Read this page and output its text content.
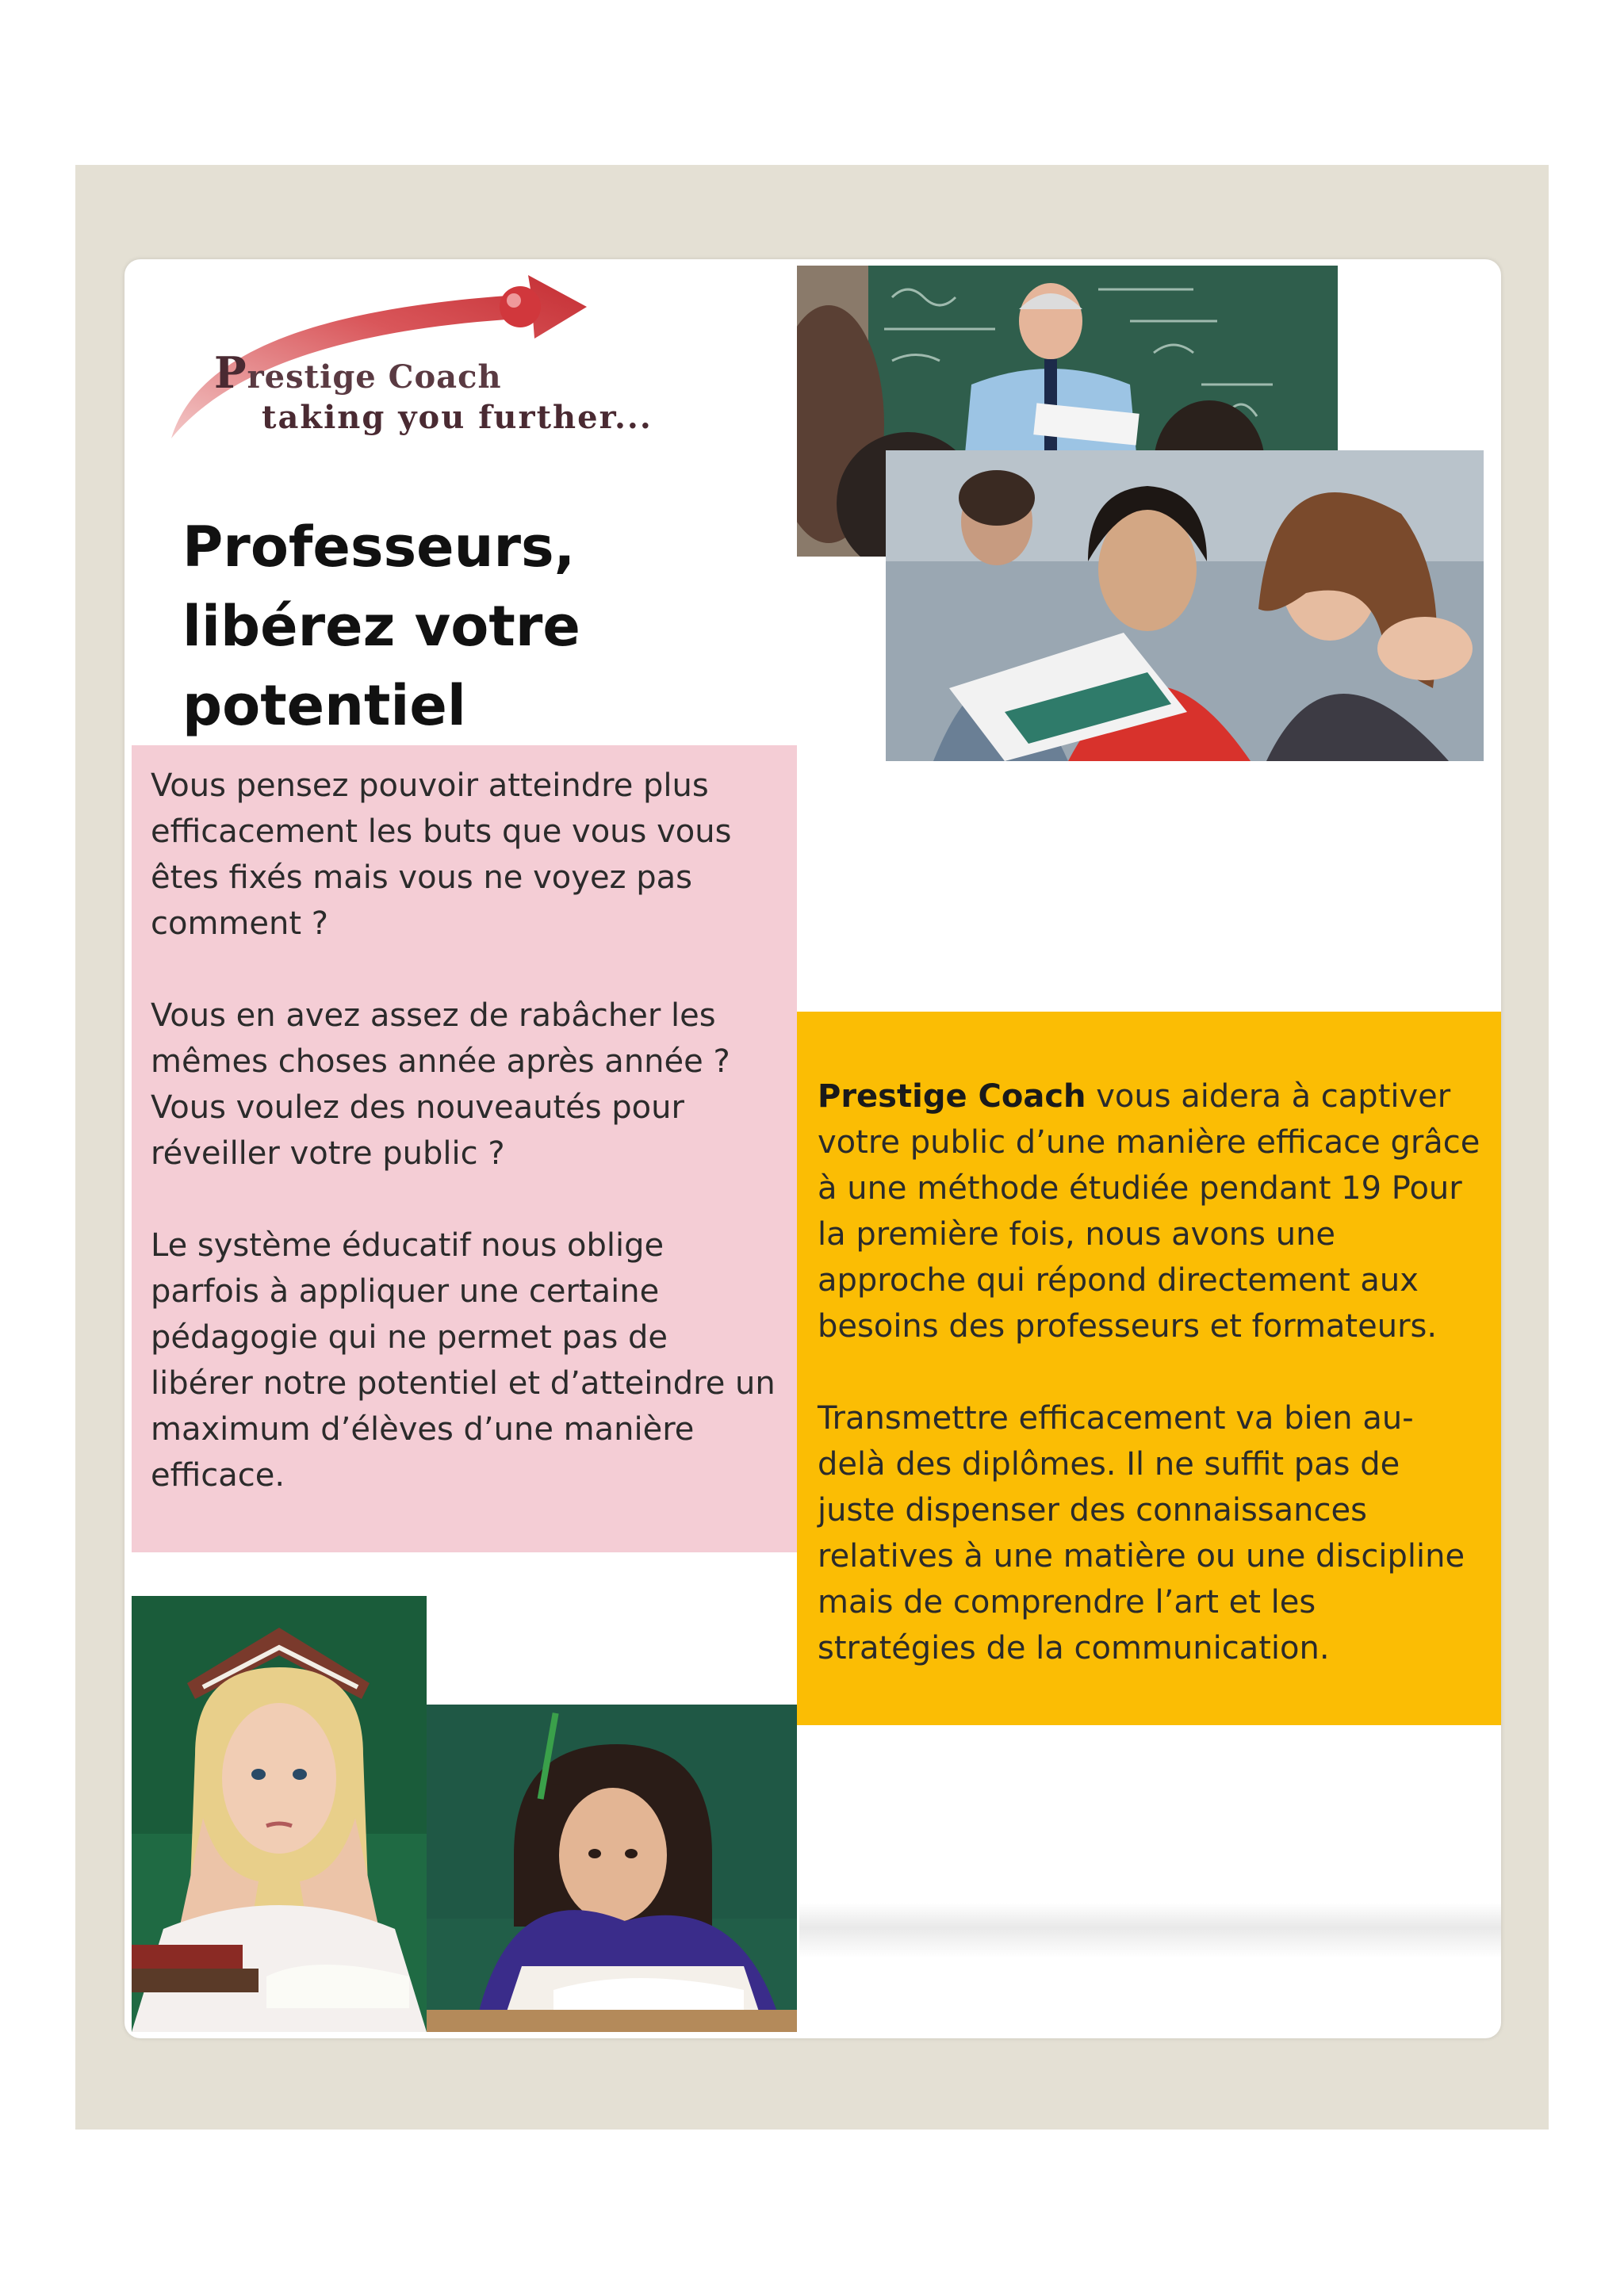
Prestige Coach
taking you further...
Professeurs, libérez votre potentiel

Vous pensez pouvoir atteindre plus efficacement les buts que vous vous êtes fixés mais vous ne voyez pas comment ?

Vous en avez assez de rabâcher les mêmes choses année après année ? Vous voulez des nouveautés pour réveiller votre public ?

Le système éducatif nous oblige parfois à appliquer une certaine pédagogie qui ne permet pas de libérer notre potentiel et d’atteindre un maximum d’élèves d’une manière efficace.

Prestige Coach vous aidera à captiver votre public d’une manière efficace grâce à une méthode étudiée pendant 19 Pour la première fois, nous avons une approche qui répond directement aux besoins des professeurs et formateurs.

Transmettre efficacement va bien au-delà des diplômes. Il ne suffit pas de juste dispenser des connaissances relatives à une matière ou une discipline mais de comprendre l’art et les stratégies de la communication.
